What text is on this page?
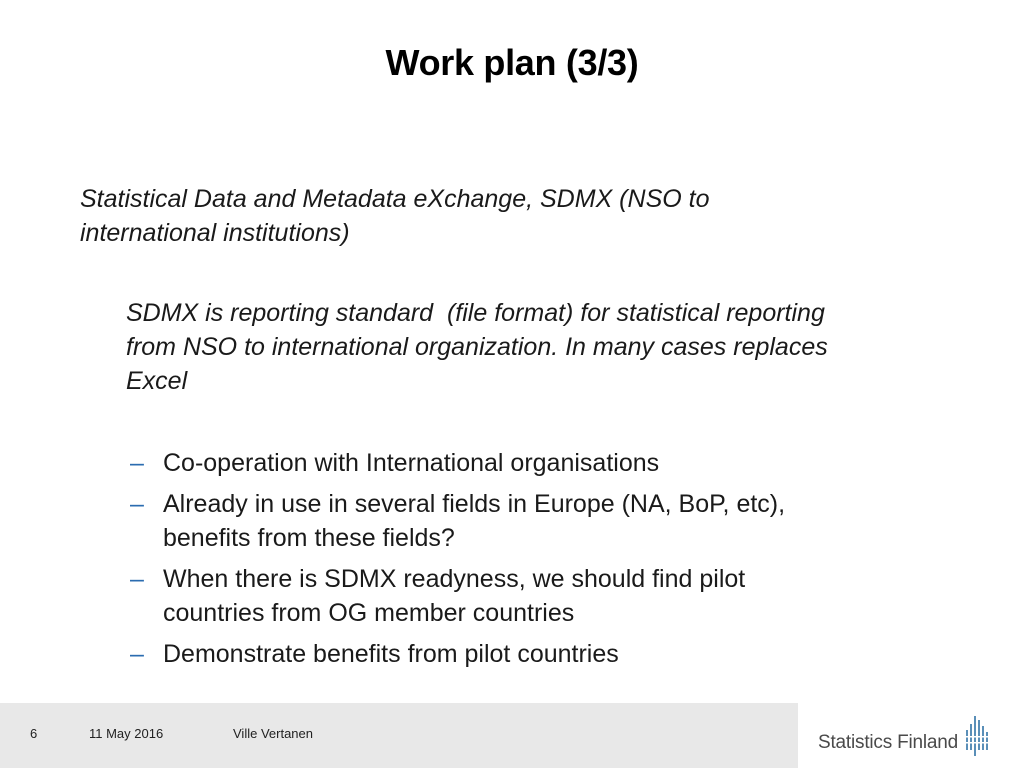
Work plan (3/3)
Statistical Data and Metadata eXchange, SDMX (NSO to
international institutions)
SDMX is reporting standard  (file format) for statistical reporting
from NSO to international organization. In many cases replaces
Excel
– Co-operation with International organisations
– Already in use in several fields in Europe (NA, BoP, etc),
benefits from these fields?
– When there is SDMX readyness, we should find pilot
countries from OG member countries
– Demonstrate benefits from pilot countries
6	11 May 2016	Ville Vertanen	Statistics Finland
